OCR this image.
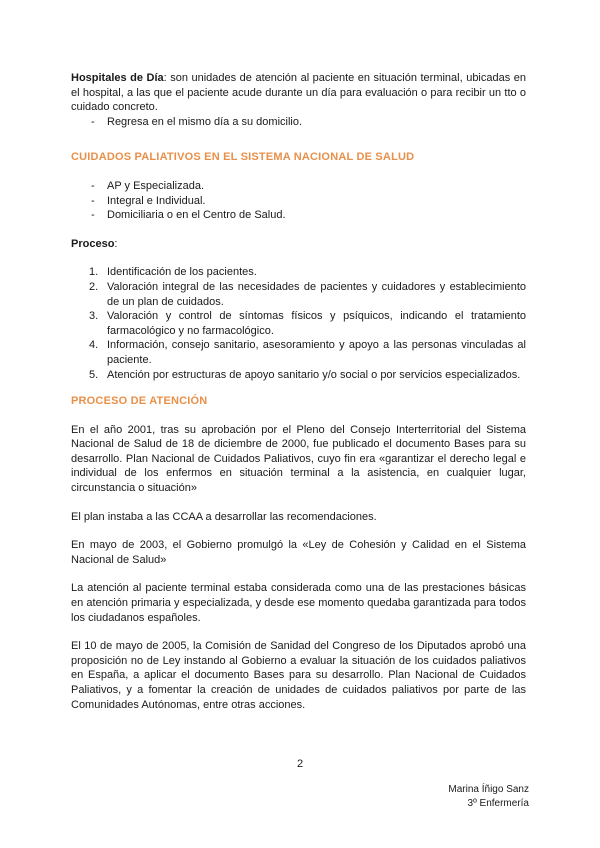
Hospitales de Día: son unidades de atención al paciente en situación terminal, ubicadas en el hospital, a las que el paciente acude durante un día para evaluación o para recibir un tto o cuidado concreto.

- Regresa en el mismo día a su domicilio.
CUIDADOS PALIATIVOS EN EL SISTEMA NACIONAL DE SALUD
- AP y Especializada.
- Integral e Individual.
- Domiciliaria o en el Centro de Salud.

Proceso:

1. Identificación de los pacientes.
2. Valoración integral de las necesidades de pacientes y cuidadores y establecimiento de un plan de cuidados.
3. Valoración y control de síntomas físicos y psíquicos, indicando el tratamiento farmacológico y no farmacológico.
4. Información, consejo sanitario, asesoramiento y apoyo a las personas vinculadas al paciente.
5. Atención por estructuras de apoyo sanitario y/o social o por servicios especializados.
PROCESO DE ATENCIÓN

En el año 2001, tras su aprobación por el Pleno del Consejo Interterritorial del Sistema Nacional de Salud de 18 de diciembre de 2000, fue publicado el documento Bases para su desarrollo. Plan Nacional de Cuidados Paliativos, cuyo fin era «garantizar el derecho legal e individual de los enfermos en situación terminal a la asistencia, en cualquier lugar, circunstancia o situación»

El plan instaba a las CCAA a desarrollar las recomendaciones.

En mayo de 2003, el Gobierno promulgó la «Ley de Cohesión y Calidad en el Sistema Nacional de Salud»

La atención al paciente terminal estaba considerada como una de las prestaciones básicas en atención primaria y especializada, y desde ese momento quedaba garantizada para todos los ciudadanos españoles.

El 10 de mayo de 2005, la Comisión de Sanidad del Congreso de los Diputados aprobó una proposición no de Ley instando al Gobierno a evaluar la situación de los cuidados paliativos en España, a aplicar el documento Bases para su desarrollo. Plan Nacional de Cuidados Paliativos, y a fomentar la creación de unidades de cuidados paliativos por parte de las Comunidades Autónomas, entre otras acciones.

2
Marina Íñigo Sanz
3º Enfermería
